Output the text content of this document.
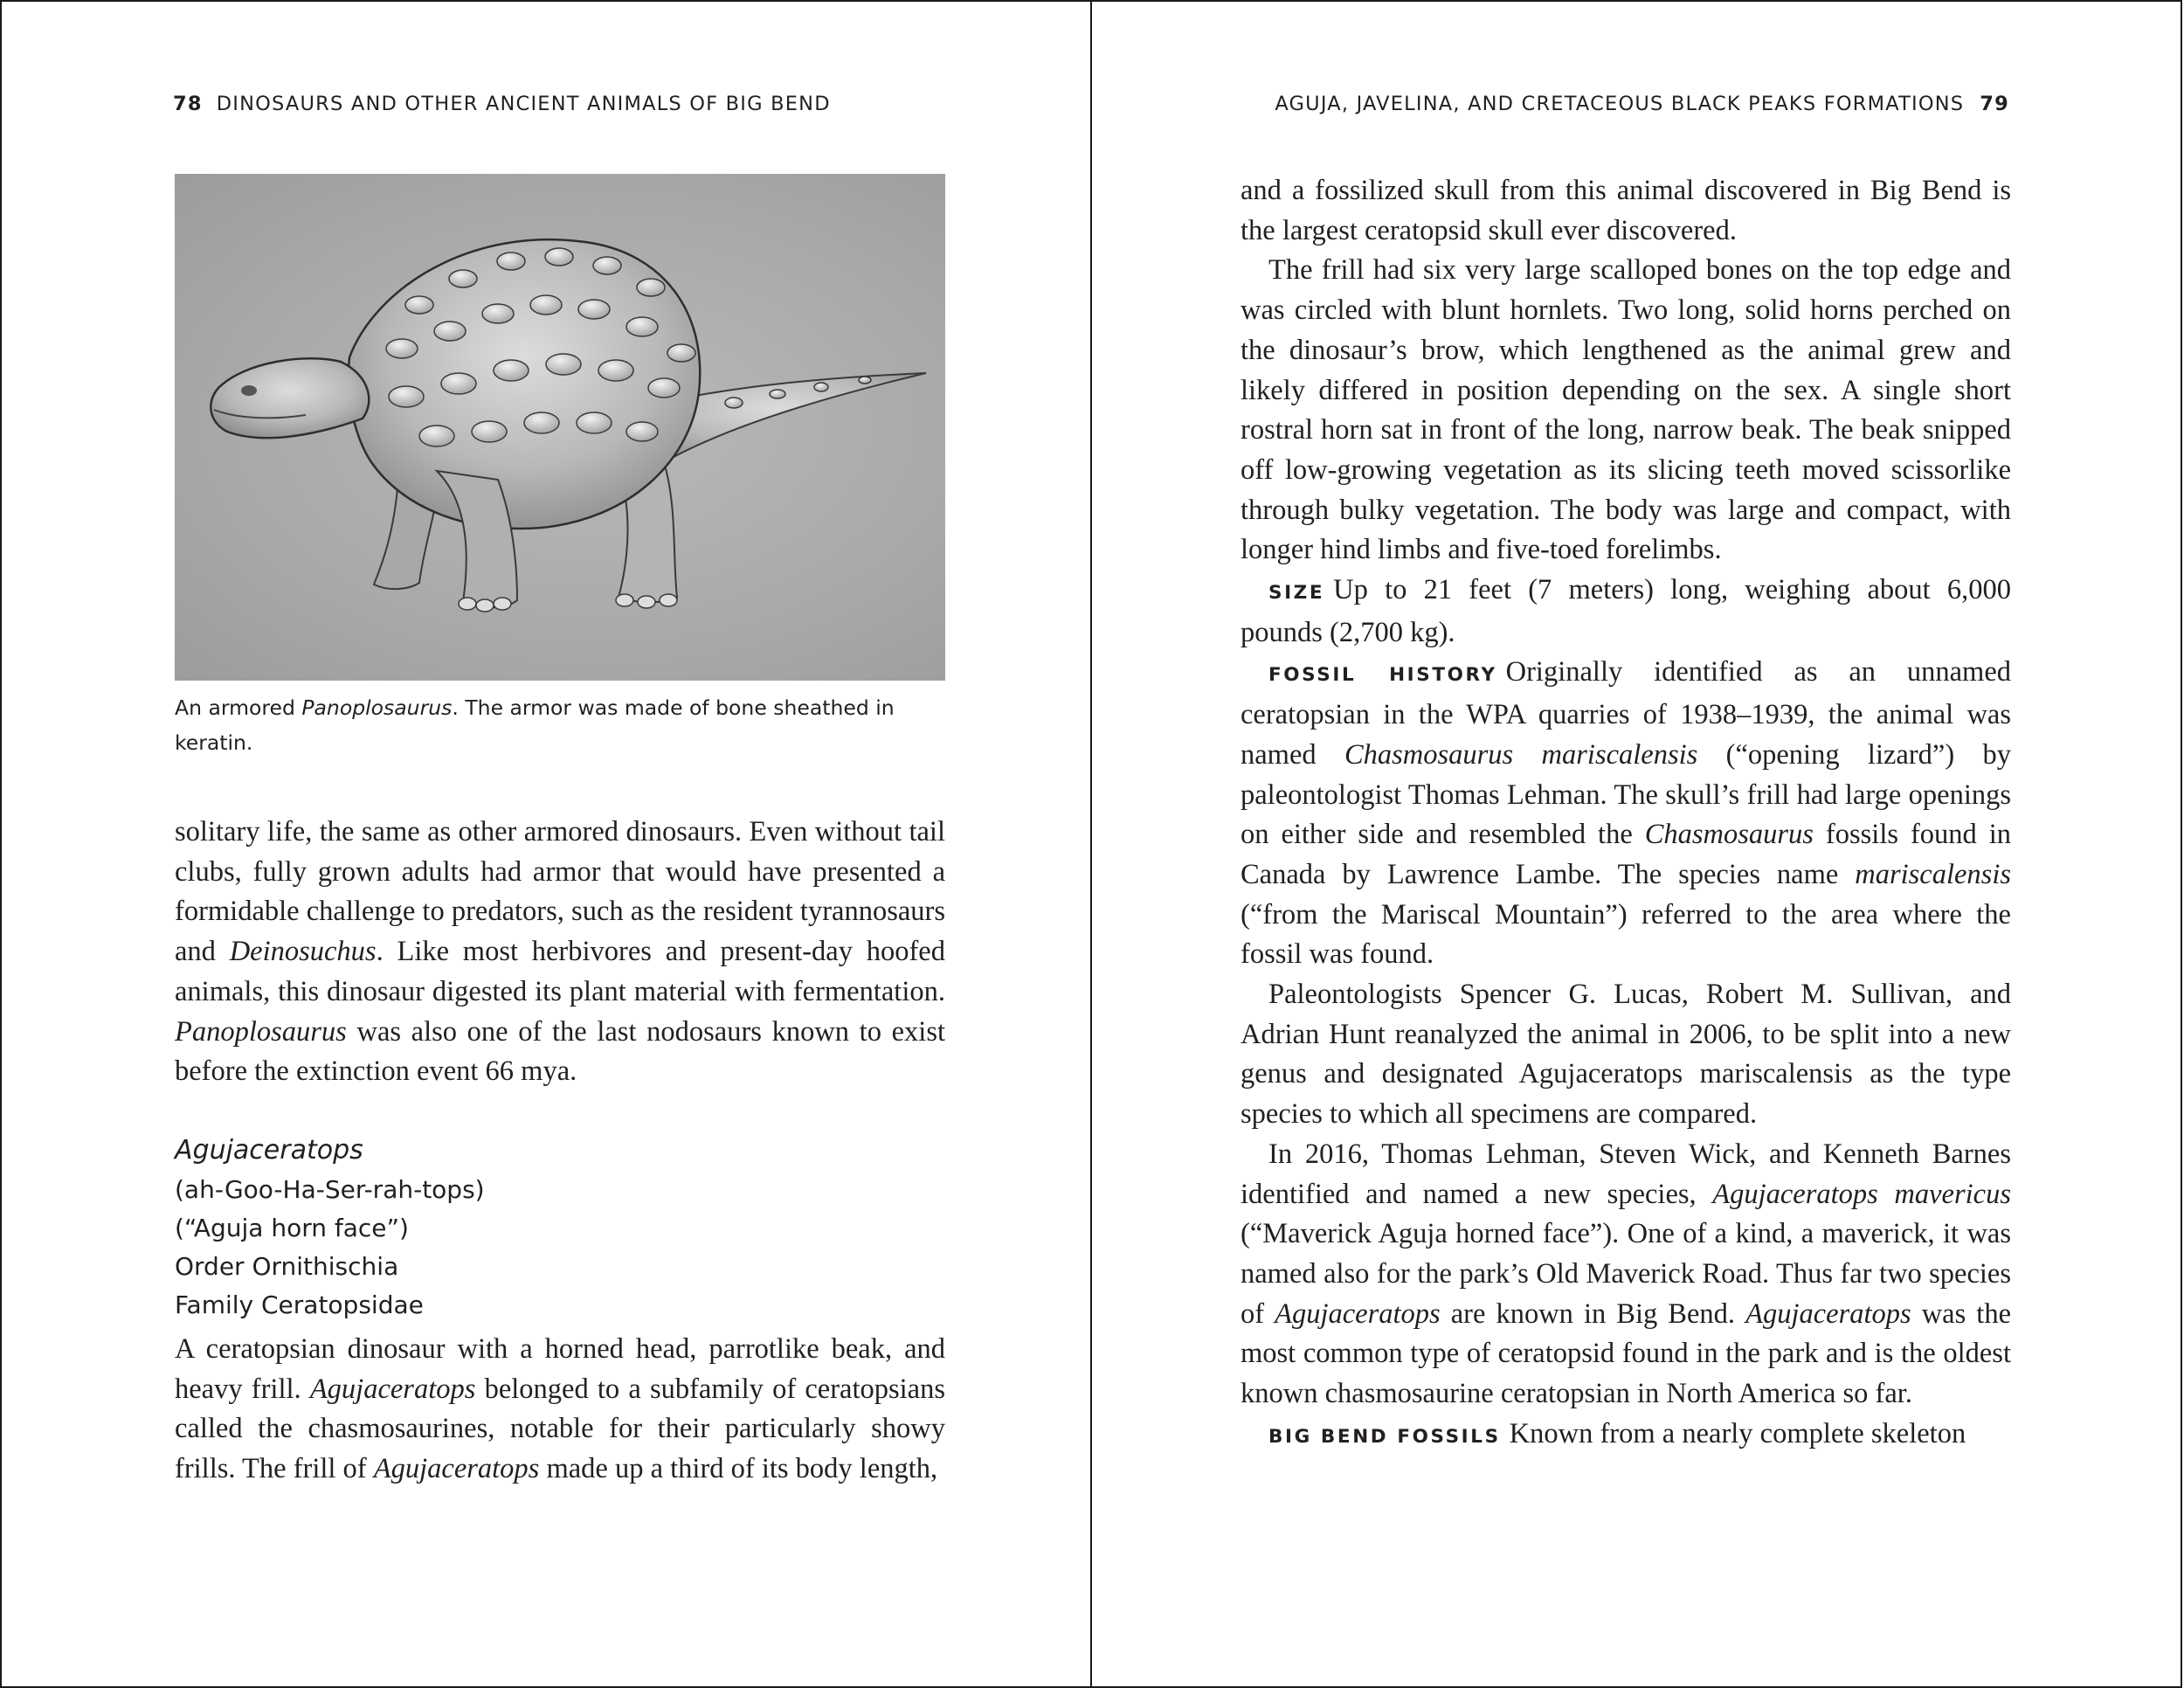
78 DINOSAURS AND OTHER ANCIENT ANIMALS OF BIG BEND

An armored Panoplosaurus. The armor was made of bone sheathed in keratin.

solitary life, the same as other armored dinosaurs. Even without tail clubs, fully grown adults had armor that would have presented a formidable challenge to predators, such as the resident tyrannosaurs and Deinosuchus. Like most herbivores and present-day hoofed animals, this dinosaur digested its plant material with fermentation. Panoplosaurus was also one of the last nodosaurs known to exist before the extinction event 66 mya.

Agujaceratops
(ah-Goo-Ha-Ser-rah-tops)
(“Aguja horn face”)
Order Ornithischia
Family Ceratopsidae

A ceratopsian dinosaur with a horned head, parrotlike beak, and heavy frill. Agujaceratops belonged to a subfamily of ceratopsians called the chasmosaurines, notable for their particularly showy frills. The frill of Agujaceratops made up a third of its body length,

AGUJA, JAVELINA, AND CRETACEOUS BLACK PEAKS FORMATIONS 79

and a fossilized skull from this animal discovered in Big Bend is the largest ceratopsid skull ever discovered.

The frill had six very large scalloped bones on the top edge and was circled with blunt hornlets. Two long, solid horns perched on the dinosaur’s brow, which lengthened as the animal grew and likely differed in position depending on the sex. A single short rostral horn sat in front of the long, narrow beak. The beak snipped off low-growing vegetation as its slicing teeth moved scissorlike through bulky vegetation. The body was large and compact, with longer hind limbs and five-toed forelimbs.

SIZE Up to 21 feet (7 meters) long, weighing about 6,000 pounds (2,700 kg).

FOSSIL HISTORY Originally identified as an unnamed ceratopsian in the WPA quarries of 1938–1939, the animal was named Chasmosaurus mariscalensis (“opening lizard”) by paleontologist Thomas Lehman. The skull’s frill had large openings on either side and resembled the Chasmosaurus fossils found in Canada by Lawrence Lambe. The species name mariscalensis (“from the Mariscal Mountain”) referred to the area where the fossil was found.

Paleontologists Spencer G. Lucas, Robert M. Sullivan, and Adrian Hunt reanalyzed the animal in 2006, to be split into a new genus and designated Agujaceratops mariscalensis as the type species to which all specimens are compared.

In 2016, Thomas Lehman, Steven Wick, and Kenneth Barnes identified and named a new species, Agujaceratops mavericus (“Maverick Aguja horned face”). One of a kind, a maverick, it was named also for the park’s Old Maverick Road. Thus far two species of Agujaceratops are known in Big Bend. Agujaceratops was the most common type of ceratopsid found in the park and is the oldest known chasmosaurine ceratopsian in North America so far.

BIG BEND FOSSILS Known from a nearly complete skeleton
